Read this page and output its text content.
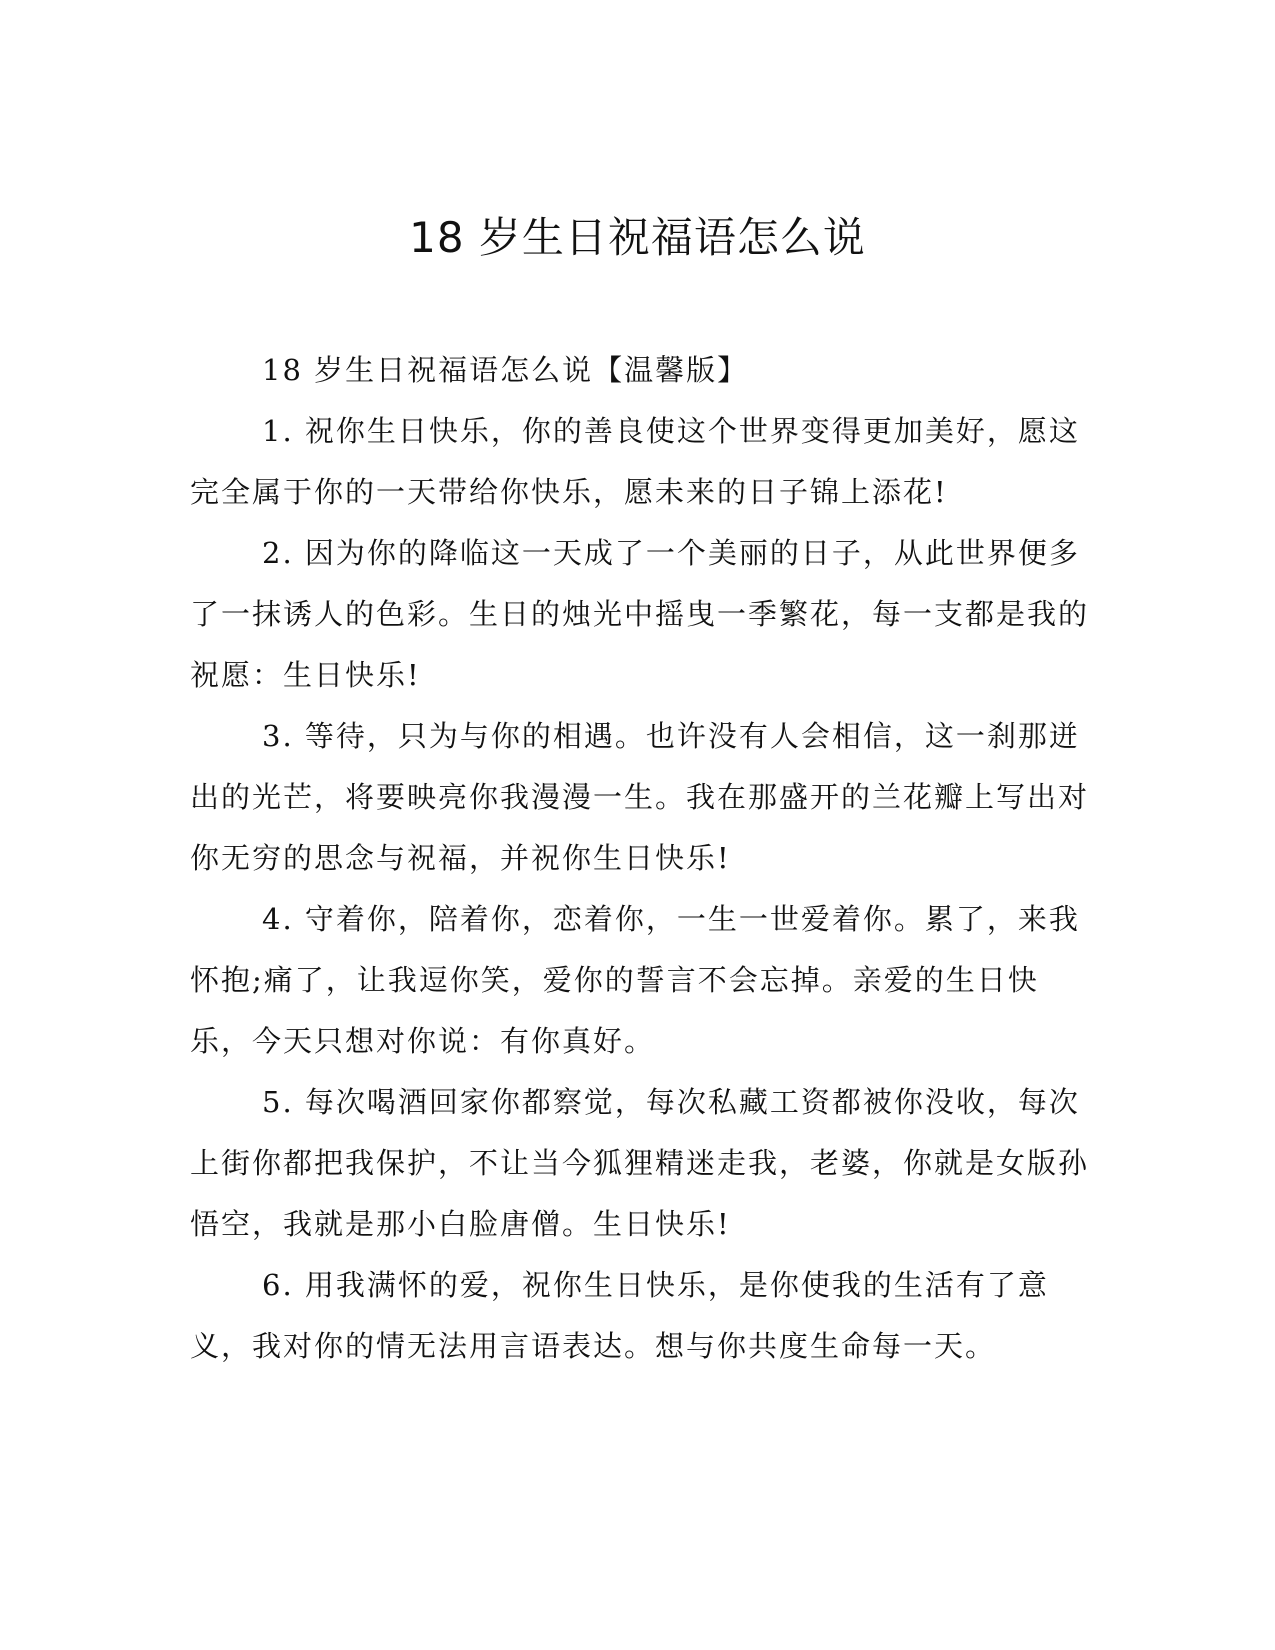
18 岁生日祝福语怎么说

18 岁生日祝福语怎么说【温馨版】

1. 祝你生日快乐，你的善良使这个世界变得更加美好，愿这完全属于你的一天带给你快乐，愿未来的日子锦上添花!

2. 因为你的降临这一天成了一个美丽的日子，从此世界便多了一抹诱人的色彩。生日的烛光中摇曳一季繁花，每一支都是我的祝愿：生日快乐!

3. 等待，只为与你的相遇。也许没有人会相信，这一刹那迸出的光芒，将要映亮你我漫漫一生。我在那盛开的兰花瓣上写出对你无穷的思念与祝福，并祝你生日快乐!

4. 守着你，陪着你，恋着你，一生一世爱着你。累了，来我怀抱;痛了，让我逗你笑，爱你的誓言不会忘掉。亲爱的生日快乐，今天只想对你说：有你真好。

5. 每次喝酒回家你都察觉，每次私藏工资都被你没收，每次上街你都把我保护，不让当今狐狸精迷走我，老婆，你就是女版孙悟空，我就是那小白脸唐僧。生日快乐!

6. 用我满怀的爱，祝你生日快乐，是你使我的生活有了意义，我对你的情无法用言语表达。想与你共度生命每一天。
